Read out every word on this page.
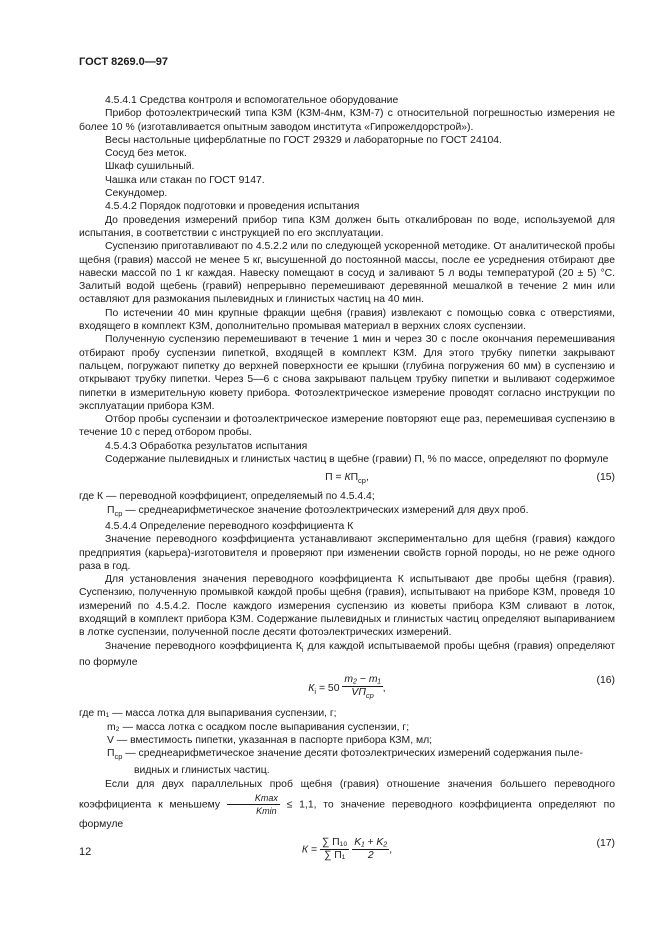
ГОСТ 8269.0—97

4.5.4.1 Средства контроля и вспомогательное оборудование

Прибор фотоэлектрический типа КЗМ (КЗМ-4нм, КЗМ-7) с относительной погрешностью измерения не более 10 % (изготавливается опытным заводом института «Гипрожелдорстрой»).

Весы настольные циферблатные по ГОСТ 29329 и лабораторные по ГОСТ 24104.

Сосуд без меток.

Шкаф сушильный.

Чашка или стакан по ГОСТ 9147.

Секундомер.

4.5.4.2 Порядок подготовки и проведения испытания

До проведения измерений прибор типа КЗМ должен быть откалиброван по воде, используемой для испытания, в соответствии с инструкцией по его эксплуатации.

Суспензию приготавливают по 4.5.2.2 или по следующей ускоренной методике. От аналитической пробы щебня (гравия) массой не менее 5 кг, высушенной до постоянной массы, после ее усреднения отбирают две навески массой по 1 кг каждая. Навеску помещают в сосуд и заливают 5 л воды температурой (20 ± 5) °С. Залитый водой щебень (гравий) непрерывно перемешивают деревянной мешалкой в течение 2 мин или оставляют для размокания пылевидных и глинистых частиц на 40 мин.

По истечении 40 мин крупные фракции щебня (гравия) извлекают с помощью совка с отверстиями, входящего в комплект КЗМ, дополнительно промывая материал в верхних слоях суспензии.

Полученную суспензию перемешивают в течение 1 мин и через 30 с после окончания перемешивания отбирают пробу суспензии пипеткой, входящей в комплект КЗМ. Для этого трубку пипетки закрывают пальцем, погружают пипетку до верхней поверхности ее крышки (глубина погружения 60 мм) в суспензию и открывают трубку пипетки. Через 5—6 с снова закрывают пальцем трубку пипетки и выливают содержимое пипетки в измерительную кювету прибора. Фотоэлектрическое измерение проводят согласно инструкции по эксплуатации прибора КЗМ.

Отбор пробы суспензии и фотоэлектрическое измерение повторяют еще раз, перемешивая суспензию в течение 10 с перед отбором пробы.

4.5.4.3 Обработка результатов испытания

Содержание пылевидных и глинистых частиц в щебне (гравии) П, % по массе, определяют по формуле

$П = КП_{ср}$,	(15)

где К — переводной коэффициент, определяемый по 4.5.4.4;

$П_{ср}$ — среднеарифметическое значение фотоэлектрических измерений для двух проб.

4.5.4.4 Определение переводного коэффициента К

Значение переводного коэффициента устанавливают экспериментально для щебня (гравия) каждого предприятия (карьера)-изготовителя и проверяют при изменении свойств горной породы, но не реже одного раза в год.

Для установления значения переводного коэффициента К испытывают две пробы щебня (гравия). Суспензию, полученную промывкой каждой пробы щебня (гравия), испытывают на приборе КЗМ, проведя 10 измерений по 4.5.4.2. После каждого измерения суспензию из кюветы прибора КЗМ сливают в лоток, входящий в комплект прибора КЗМ. Содержание пылевидных и глинистых частиц определяют выпариванием в лотке суспензии, полученной после десяти фотоэлектрических измерений.

Значение переводного коэффициента $К_i$ для каждой испытываемой пробы щебня (гравия) определяют по формуле

$К_i = 50 \frac{\text{m₂ − m₁}}{VП_{ср}}$ ,
(16)

где m₁ — масса лотка для выпаривания суспензии, г;

m₂ — масса лотка с осадком после выпаривания суспензии, г;

V — вместимость пипетки, указанная в паспорте прибора КЗМ, мл;

$П_{ср}$ — среднеарифметическое значение десяти фотоэлектрических измерений содержания пыле-

видных и глинистых частиц.

Если для двух параллельных проб щебня (гравия) отношение значения большего переводного коэффициента к меньшему $\frac{Kmax}{Kmin} \le 1,1$, то значение переводного коэффициента определяют по формуле

$К = \frac{\text{∑ П₁₀}}{\text{∑ П₁}}$
$\frac{\text{K₁ + K₂}}{2}$ ,
(17)
12
